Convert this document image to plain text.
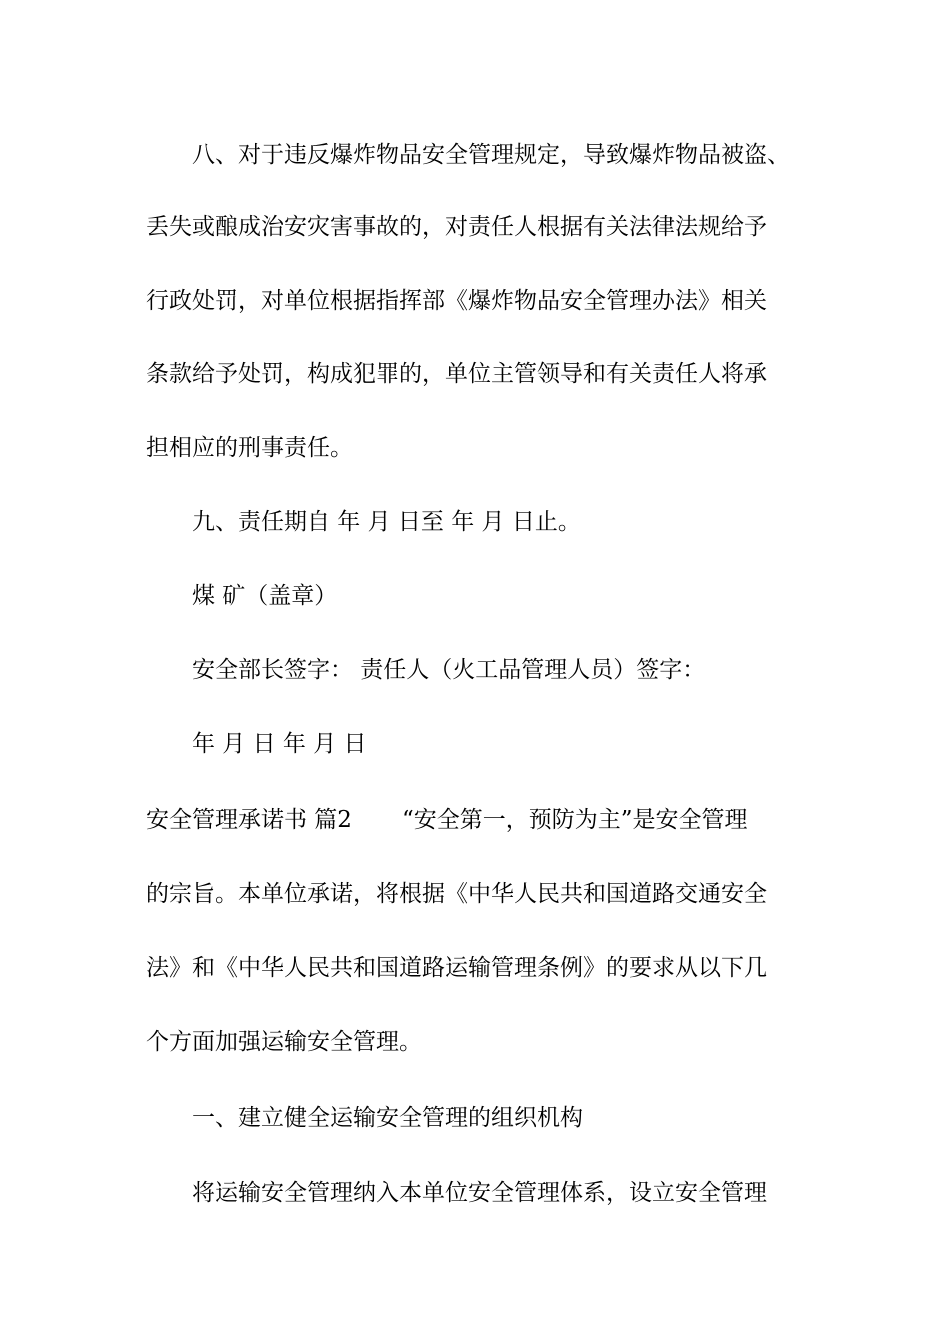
八、对于违反爆炸物品安全管理规定，导致爆炸物品被盗、
丢失或酿成治安灾害事故的，对责任人根据有关法律法规给予
行政处罚，对单位根据指挥部《爆炸物品安全管理办法》相关
条款给予处罚，构成犯罪的，单位主管领导和有关责任人将承
担相应的刑事责任。
九、责任期自 年 月 日至 年 月 日止。
煤 矿（盖章）
安全部长签字： 责任人（火工品管理人员）签字：
年 月 日 年 月 日
安全管理承诺书 篇2 “安全第一，预防为主”是安全管理
的宗旨。本单位承诺，将根据《中华人民共和国道路交通安全
法》和《中华人民共和国道路运输管理条例》的要求从以下几
个方面加强运输安全管理。
一、建立健全运输安全管理的组织机构
将运输安全管理纳入本单位安全管理体系，设立安全管理
